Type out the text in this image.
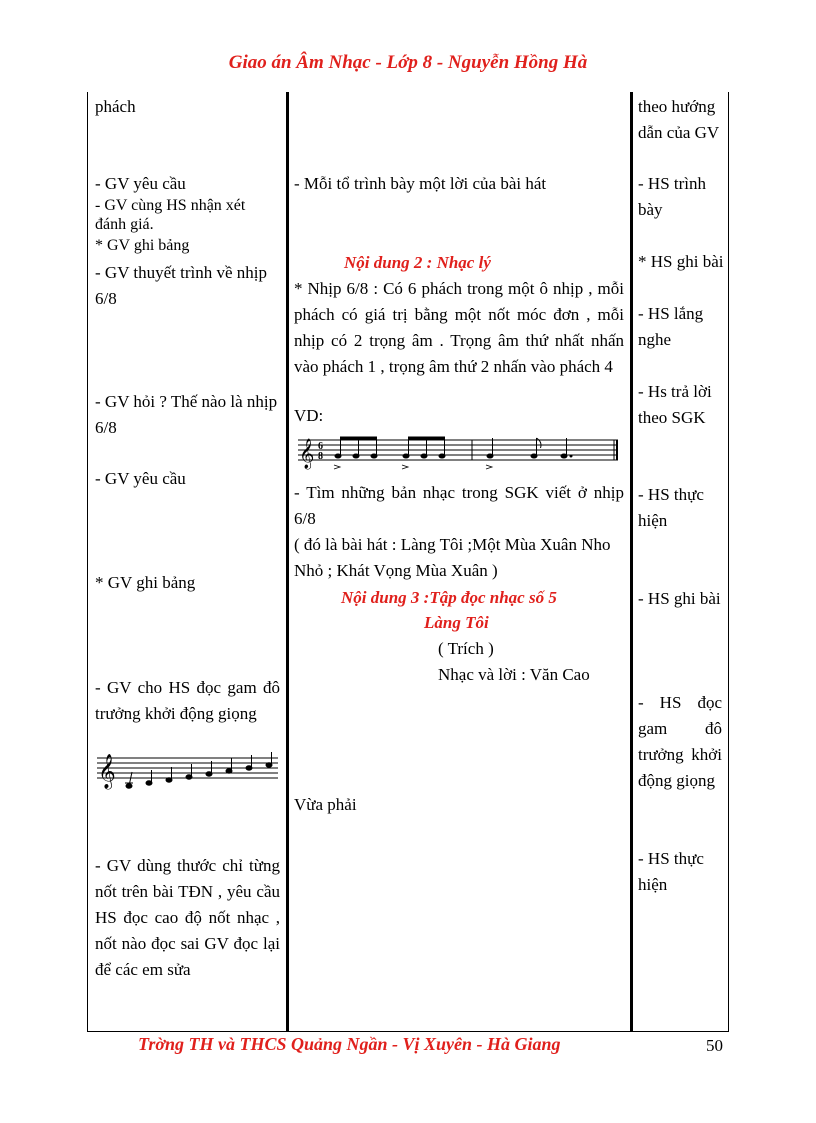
Giao án Âm Nhạc - Lớp 8 - Nguyễn Hồng Hà
phách
- GV yêu cầu
- GV cùng HS nhận xét đánh giá.
* GV ghi bảng
- GV thuyết trình về nhịp 6/8
- GV hỏi ? Thế nào là nhịp 6/8
- GV yêu cầu
* GV ghi bảng
- GV cho HS đọc gam đô trưởng khởi động giọng
𝄞
- GV dùng thước chỉ từng nốt trên bài TĐN , yêu cầu HS đọc cao độ nốt nhạc , nốt nào đọc sai GV đọc lại để các em sửa
- Mỗi tổ trình bày một lời của bài hát
Nội dung 2 : Nhạc lý
* Nhịp 6/8 : Có 6 phách trong một ô nhịp , mỗi phách có giá trị bằng một nốt móc đơn , mỗi nhịp có 2 trọng âm . Trọng âm thứ nhất nhấn vào phách 1 , trọng âm thứ 2 nhấn vào phách 4
VD:
𝄞 6
8
- Tìm những bản nhạc trong SGK viết ở nhịp 6/8
( đó là bài hát : Làng Tôi ;Một Mùa Xuân Nho Nhỏ ; Khát Vọng Mùa Xuân )
Nội dung 3 :Tập đọc nhạc số 5
Làng Tôi
( Trích )
Nhạc và lời : Văn Cao
Vừa phải
theo hướng dẫn của GV
- HS trình bày
* HS ghi bài
- HS lắng nghe
- Hs trả lời theo SGK
- HS thực hiện
- HS ghi bài
- HS đọc gam đô trưởng khởi động giọng
- HS thực hiện
Trờng TH và THCS Quảng Ngần - Vị Xuyên - Hà Giang	50
